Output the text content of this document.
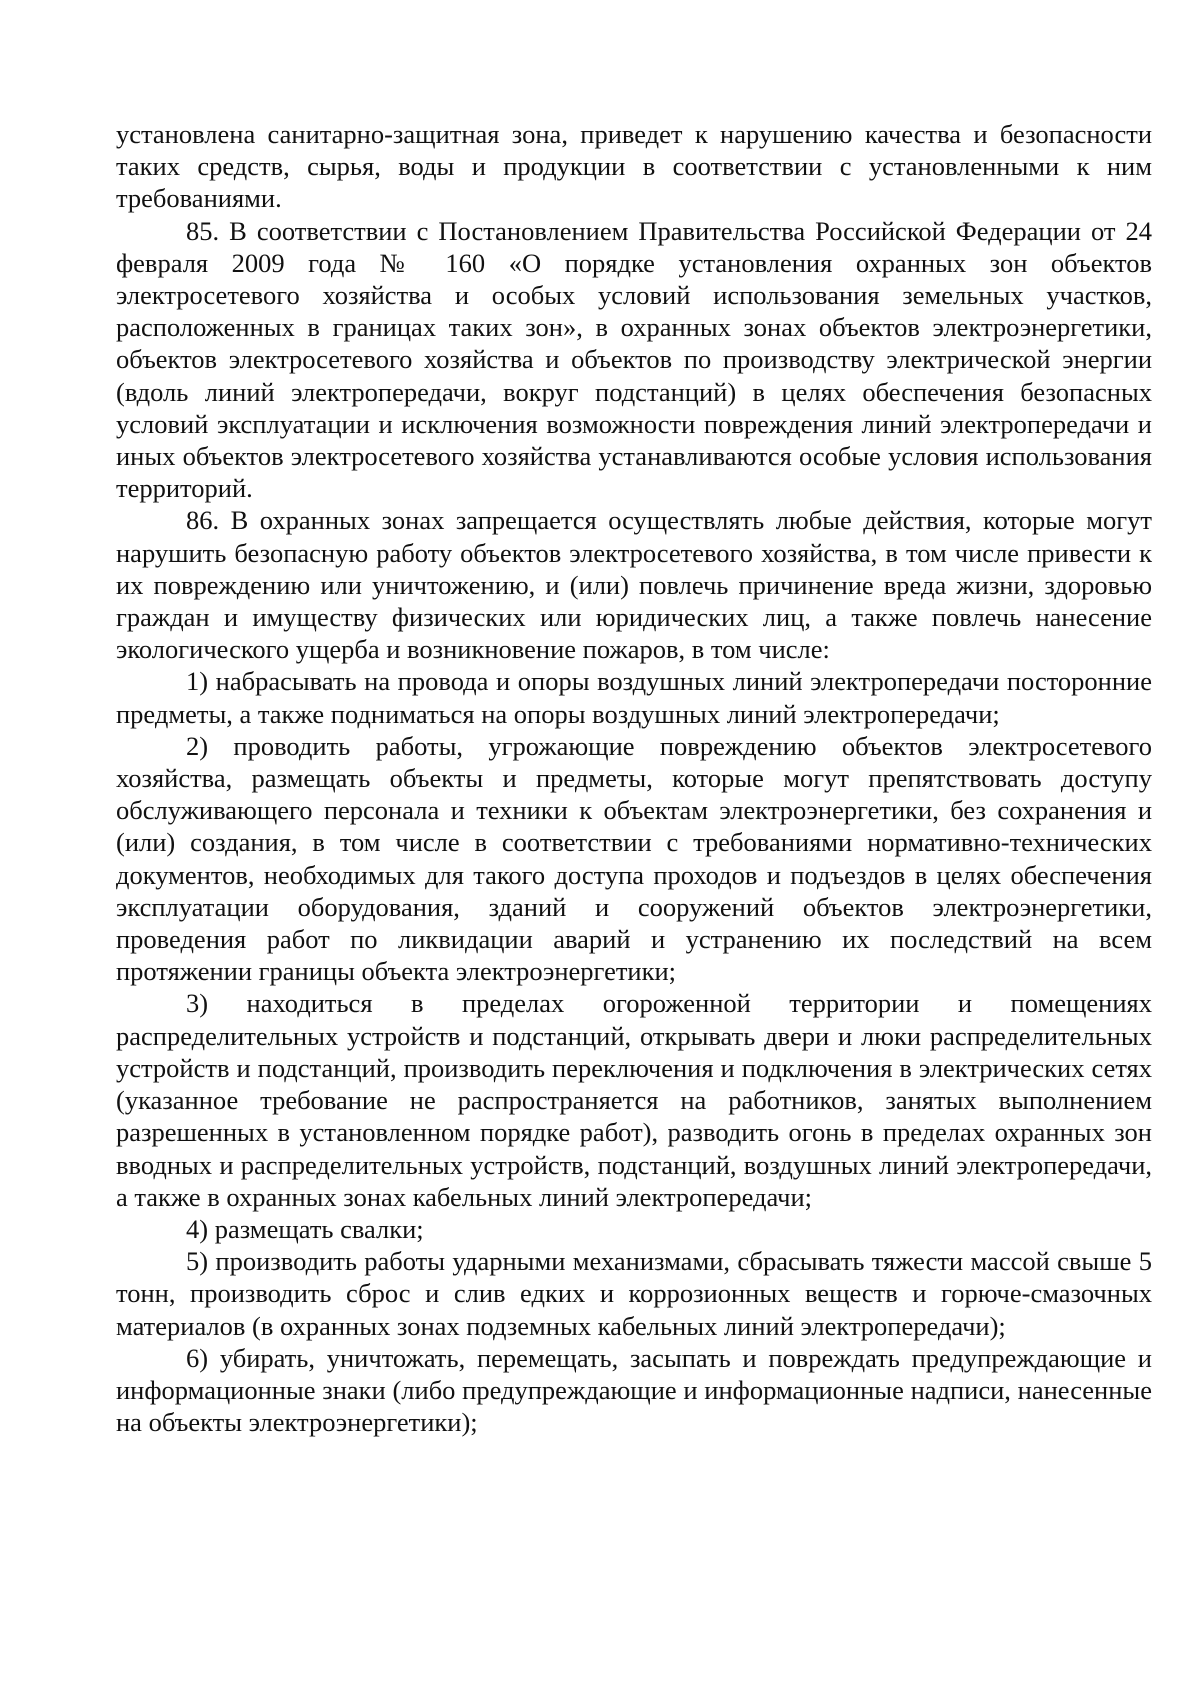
установлена санитарно-защитная зона, приведет к нарушению качества и безопасности таких средств, сырья, воды и продукции в соответствии с установленными к ним требованиями.

85. В соответствии с Постановлением Правительства Российской Федерации от 24 февраля 2009 года № 160 «О порядке установления охранных зон объектов электросетевого хозяйства и особых условий использования земельных участков, расположенных в границах таких зон», в охранных зонах объектов электроэнергетики, объектов электросетевого хозяйства и объектов по производству электрической энергии (вдоль линий электропередачи, вокруг подстанций) в целях обеспечения безопасных условий эксплуатации и исключения возможности повреждения линий электропередачи и иных объектов электросетевого хозяйства устанавливаются особые условия использования территорий.

86. В охранных зонах запрещается осуществлять любые действия, которые могут нарушить безопасную работу объектов электросетевого хозяйства, в том числе привести к их повреждению или уничтожению, и (или) повлечь причинение вреда жизни, здоровью граждан и имуществу физических или юридических лиц, а также повлечь нанесение экологического ущерба и возникновение пожаров, в том числе:

1) набрасывать на провода и опоры воздушных линий электропередачи посторонние предметы, а также подниматься на опоры воздушных линий электропередачи;

2) проводить работы, угрожающие повреждению объектов электросетевого хозяйства, размещать объекты и предметы, которые могут препятствовать доступу обслуживающего персонала и техники к объектам электроэнергетики, без сохранения и (или) создания, в том числе в соответствии с требованиями нормативно-технических документов, необходимых для такого доступа проходов и подъездов в целях обеспечения эксплуатации оборудования, зданий и сооружений объектов электроэнергетики, проведения работ по ликвидации аварий и устранению их последствий на всем протяжении границы объекта электроэнергетики;

3) находиться в пределах огороженной территории и помещениях распределительных устройств и подстанций, открывать двери и люки распределительных устройств и подстанций, производить переключения и подключения в электрических сетях (указанное требование не распространяется на работников, занятых выполнением разрешенных в установленном порядке работ), разводить огонь в пределах охранных зон вводных и распределительных устройств, подстанций, воздушных линий электропередачи, а также в охранных зонах кабельных линий электропередачи;

4) размещать свалки;

5) производить работы ударными механизмами, сбрасывать тяжести массой свыше 5 тонн, производить сброс и слив едких и коррозионных веществ и горюче-смазочных материалов (в охранных зонах подземных кабельных линий электропередачи);

6) убирать, уничтожать, перемещать, засыпать и повреждать предупреждающие и информационные знаки (либо предупреждающие и информационные надписи, нанесенные на объекты электроэнергетики);
